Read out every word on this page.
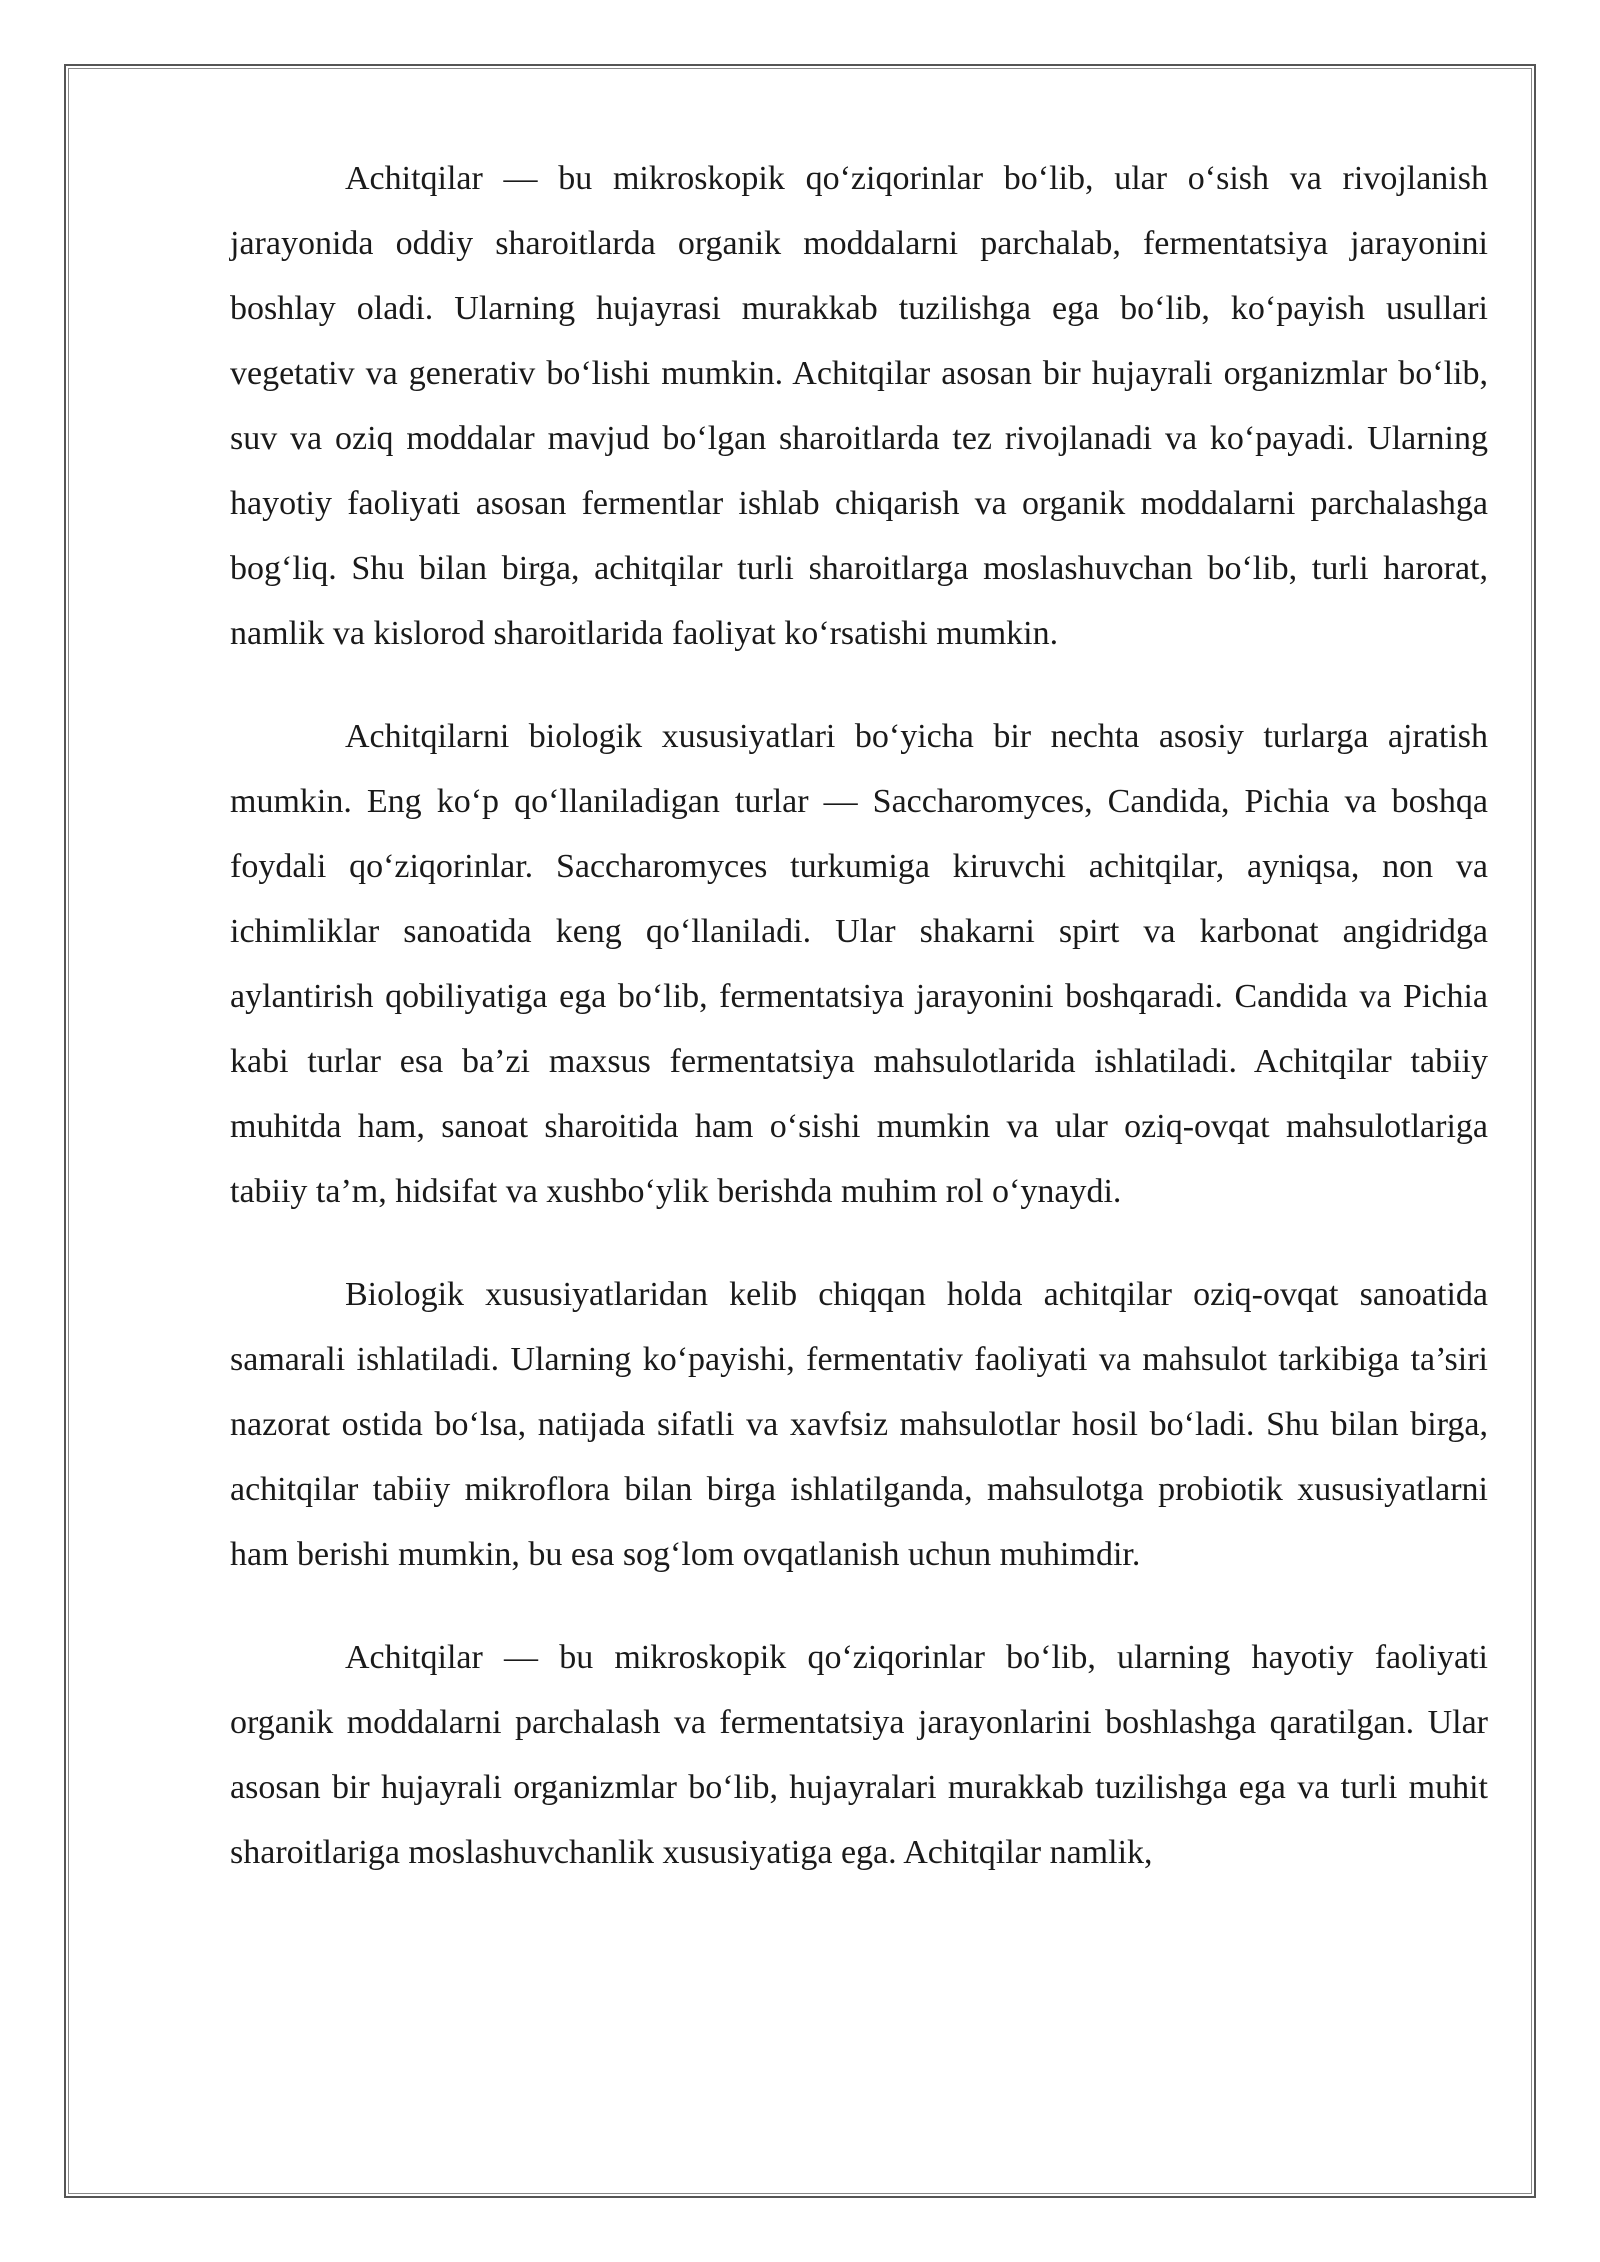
Achitqilar — bu mikroskopik qo‘ziqorinlar bo‘lib, ular o‘sish va rivojlanish jarayonida oddiy sharoitlarda organik moddalarni parchalab, fermentatsiya jarayonini boshlay oladi. Ularning hujayrasi murakkab tuzilishga ega bo‘lib, ko‘payish usullari vegetativ va generativ bo‘lishi mumkin. Achitqilar asosan bir hujayrali organizmlar bo‘lib, suv va oziq moddalar mavjud bo‘lgan sharoitlarda tez rivojlanadi va ko‘payadi. Ularning hayotiy faoliyati asosan fermentlar ishlab chiqarish va organik moddalarni parchalashga bog‘liq. Shu bilan birga, achitqilar turli sharoitlarga moslashuvchan bo‘lib, turli harorat, namlik va kislorod sharoitlarida faoliyat ko‘rsatishi mumkin.

Achitqilarni biologik xususiyatlari bo‘yicha bir nechta asosiy turlarga ajratish mumkin. Eng ko‘p qo‘llaniladigan turlar — Saccharomyces, Candida, Pichia va boshqa foydali qo‘ziqorinlar. Saccharomyces turkumiga kiruvchi achitqilar, ayniqsa, non va ichimliklar sanoatida keng qo‘llaniladi. Ular shakarni spirt va karbonat angidridga aylantirish qobiliyatiga ega bo‘lib, fermentatsiya jarayonini boshqaradi. Candida va Pichia kabi turlar esa ba’zi maxsus fermentatsiya mahsulotlarida ishlatiladi. Achitqilar tabiiy muhitda ham, sanoat sharoitida ham o‘sishi mumkin va ular oziq-ovqat mahsulotlariga tabiiy ta’m, hidsifat va xushbo‘ylik berishda muhim rol o‘ynaydi.

Biologik xususiyatlaridan kelib chiqqan holda achitqilar oziq-ovqat sanoatida samarali ishlatiladi. Ularning ko‘payishi, fermentativ faoliyati va mahsulot tarkibiga ta’siri nazorat ostida bo‘lsa, natijada sifatli va xavfsiz mahsulotlar hosil bo‘ladi. Shu bilan birga, achitqilar tabiiy mikroflora bilan birga ishlatilganda, mahsulotga probiotik xususiyatlarni ham berishi mumkin, bu esa sog‘lom ovqatlanish uchun muhimdir.

Achitqilar — bu mikroskopik qo‘ziqorinlar bo‘lib, ularning hayotiy faoliyati organik moddalarni parchalash va fermentatsiya jarayonlarini boshlashga qaratilgan. Ular asosan bir hujayrali organizmlar bo‘lib, hujayralari murakkab tuzilishga ega va turli muhit sharoitlariga moslashuvchanlik xususiyatiga ega. Achitqilar namlik,
